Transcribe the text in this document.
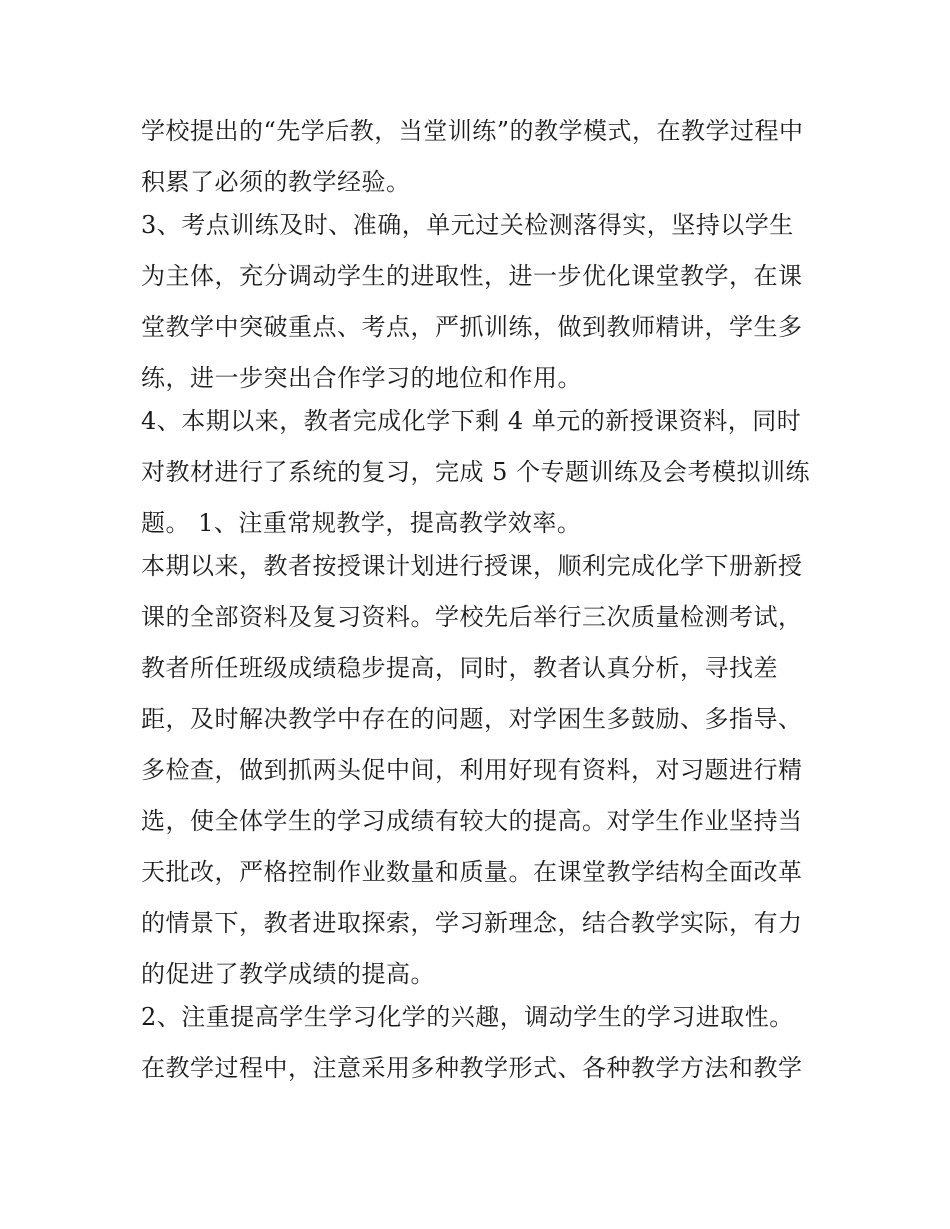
学校提出的“先学后教，当堂训练”的教学模式，在教学过程中
积累了必须的教学经验。
3、考点训练及时、准确，单元过关检测落得实，坚持以学生
为主体，充分调动学生的进取性，进一步优化课堂教学，在课
堂教学中突破重点、考点，严抓训练，做到教师精讲，学生多
练，进一步突出合作学习的地位和作用。
4、本期以来，教者完成化学下剩 4 单元的新授课资料，同时
对教材进行了系统的复习，完成 5 个专题训练及会考模拟训练
题。 1、注重常规教学，提高教学效率。
本期以来，教者按授课计划进行授课，顺利完成化学下册新授
课的全部资料及复习资料。学校先后举行三次质量检测考试，
教者所任班级成绩稳步提高，同时，教者认真分析，寻找差
距，及时解决教学中存在的问题，对学困生多鼓励、多指导、
多检查，做到抓两头促中间，利用好现有资料，对习题进行精
选，使全体学生的学习成绩有较大的提高。对学生作业坚持当
天批改，严格控制作业数量和质量。在课堂教学结构全面改革
的情景下，教者进取探索，学习新理念，结合教学实际，有力
的促进了教学成绩的提高。
2、注重提高学生学习化学的兴趣，调动学生的学习进取性。
在教学过程中，注意采用多种教学形式、各种教学方法和教学
